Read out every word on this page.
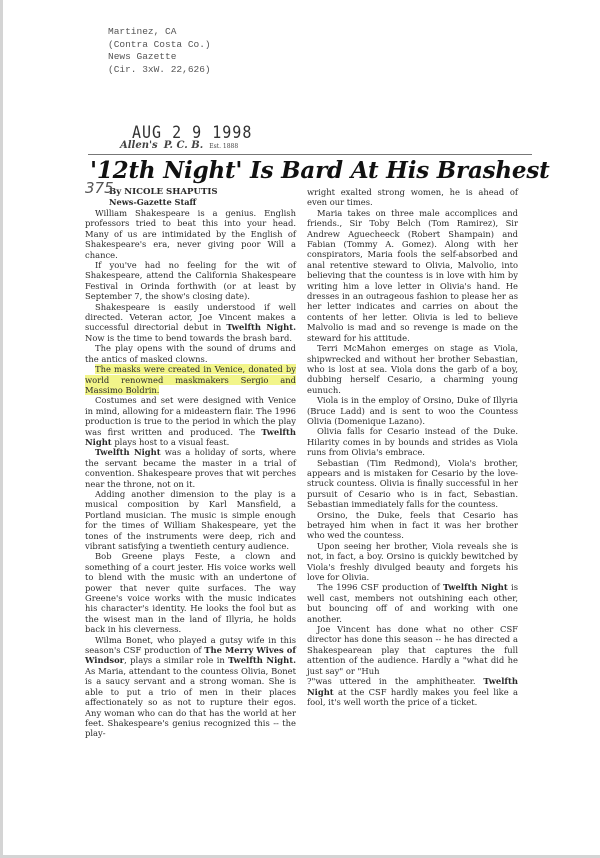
Martinez, CA
(Contra Costa Co.)
News Gazette
(Cir. 3xW. 22,626)
AUG 2 9 1998
Allen's P. C. B. Est. 1888
'12th Night' Is Bard At His Brashest
375
By NICOLE SHAPUTIS
News-Gazette Staff

William Shakespeare is a genius. English professors tried to beat this into your head. Many of us are intimidated by the English of Shakespeare's era, never giving poor Will a chance.

If you've had no feeling for the wit of Shakespeare, attend the California Shakespeare Festival in Orinda forthwith (or at least by September 7, the show's closing date).

Shakespeare is easily understood if well directed. Veteran actor, Joe Vincent makes a successful directorial debut in Twelfth Night. Now is the time to bend towards the brash bard.

The play opens with the sound of drums and the antics of masked clowns.

The masks were created in Venice, donated by world renowned maskmakers Sergio and Massimo Boldrin.

Costumes and set were designed with Venice in mind, allowing for a mideastern flair. The 1996 production is true to the period in which the play was first written and produced. The Twelfth Night plays host to a visual feast.

Twelfth Night was a holiday of sorts, where the servant became the master in a trial of convention. Shakespeare proves that wit perches near the throne, not on it.

Adding another dimension to the play is a musical composition by Karl Mansfield, a Portland musician. The music is simple enough for the times of William Shakespeare, yet the tones of the instruments were deep, rich and vibrant satisfying a twentieth century audience.

Bob Greene plays Feste, a clown and something of a court jester. His voice works well to blend with the music with an undertone of power that never quite surfaces. The way Greene's voice works with the music indicates his character's identity. He looks the fool but as the wisest man in the land of Illyria, he holds back in his cleverness.

Wilma Bonet, who played a gutsy wife in this season's CSF production of The Merry Wives of Windsor, plays a similar role in Twelfth Night. As Maria, attendant to the countess Olivia, Bonet is a saucy servant and a strong woman. She is able to put a trio of men in their places affectionately so as not to rupture their egos. Any woman who can do that has the world at her feet. Shakespeare's genius recognized this -- the play-

wright exalted strong women, he is ahead of even our times.

Maria takes on three male accomplices and friends., Sir Toby Belch (Tom Ramirez), Sir Andrew Aguecheeck (Robert Shampain) and Fabian (Tommy A. Gomez). Along with her conspirators, Maria fools the self-absorbed and anal retentive steward to Olivia, Malvolio, into believing that the countess is in love with him by writing him a love letter in Olivia's hand. He dresses in an outrageous fashion to please her as her letter indicates and carries on about the contents of her letter. Olivia is led to believe Malvolio is mad and so revenge is made on the steward for his attitude.

Terri McMahon emerges on stage as Viola, shipwrecked and without her brother Sebastian, who is lost at sea. Viola dons the garb of a boy, dubbing herself Cesario, a charming young eunuch.

Viola is in the employ of Orsino, Duke of Illyria (Bruce Ladd) and is sent to woo the Countess Olivia (Domenique Lazano).

Olivia falls for Cesario instead of the Duke. Hilarity comes in by bounds and strides as Viola runs from Olivia's embrace.

Sebastian (Tim Redmond), Viola's brother, appears and is mistaken for Cesario by the love-struck countess. Olivia is finally successful in her pursuit of Cesario who is in fact, Sebastian. Sebastian immediately falls for the countess.

Orsino, the Duke, feels that Cesario has betrayed him when in fact it was her brother who wed the countess.

Upon seeing her brother, Viola reveals she is not, in fact, a boy. Orsino is quickly bewitched by Viola's freshly divulged beauty and forgets his love for Olivia.

The 1996 CSF production of Twelfth Night is well cast, members not outshining each other, but bouncing off of and working with one another.

Joe Vincent has done what no other CSF director has done this season -- he has directed a Shakespearean play that captures the full attention of the audience. Hardly a "what did he just say" or "Huh

?"was uttered in the amphitheater. Twelfth Night at the CSF hardly makes you feel like a fool, it's well worth the price of a ticket.
